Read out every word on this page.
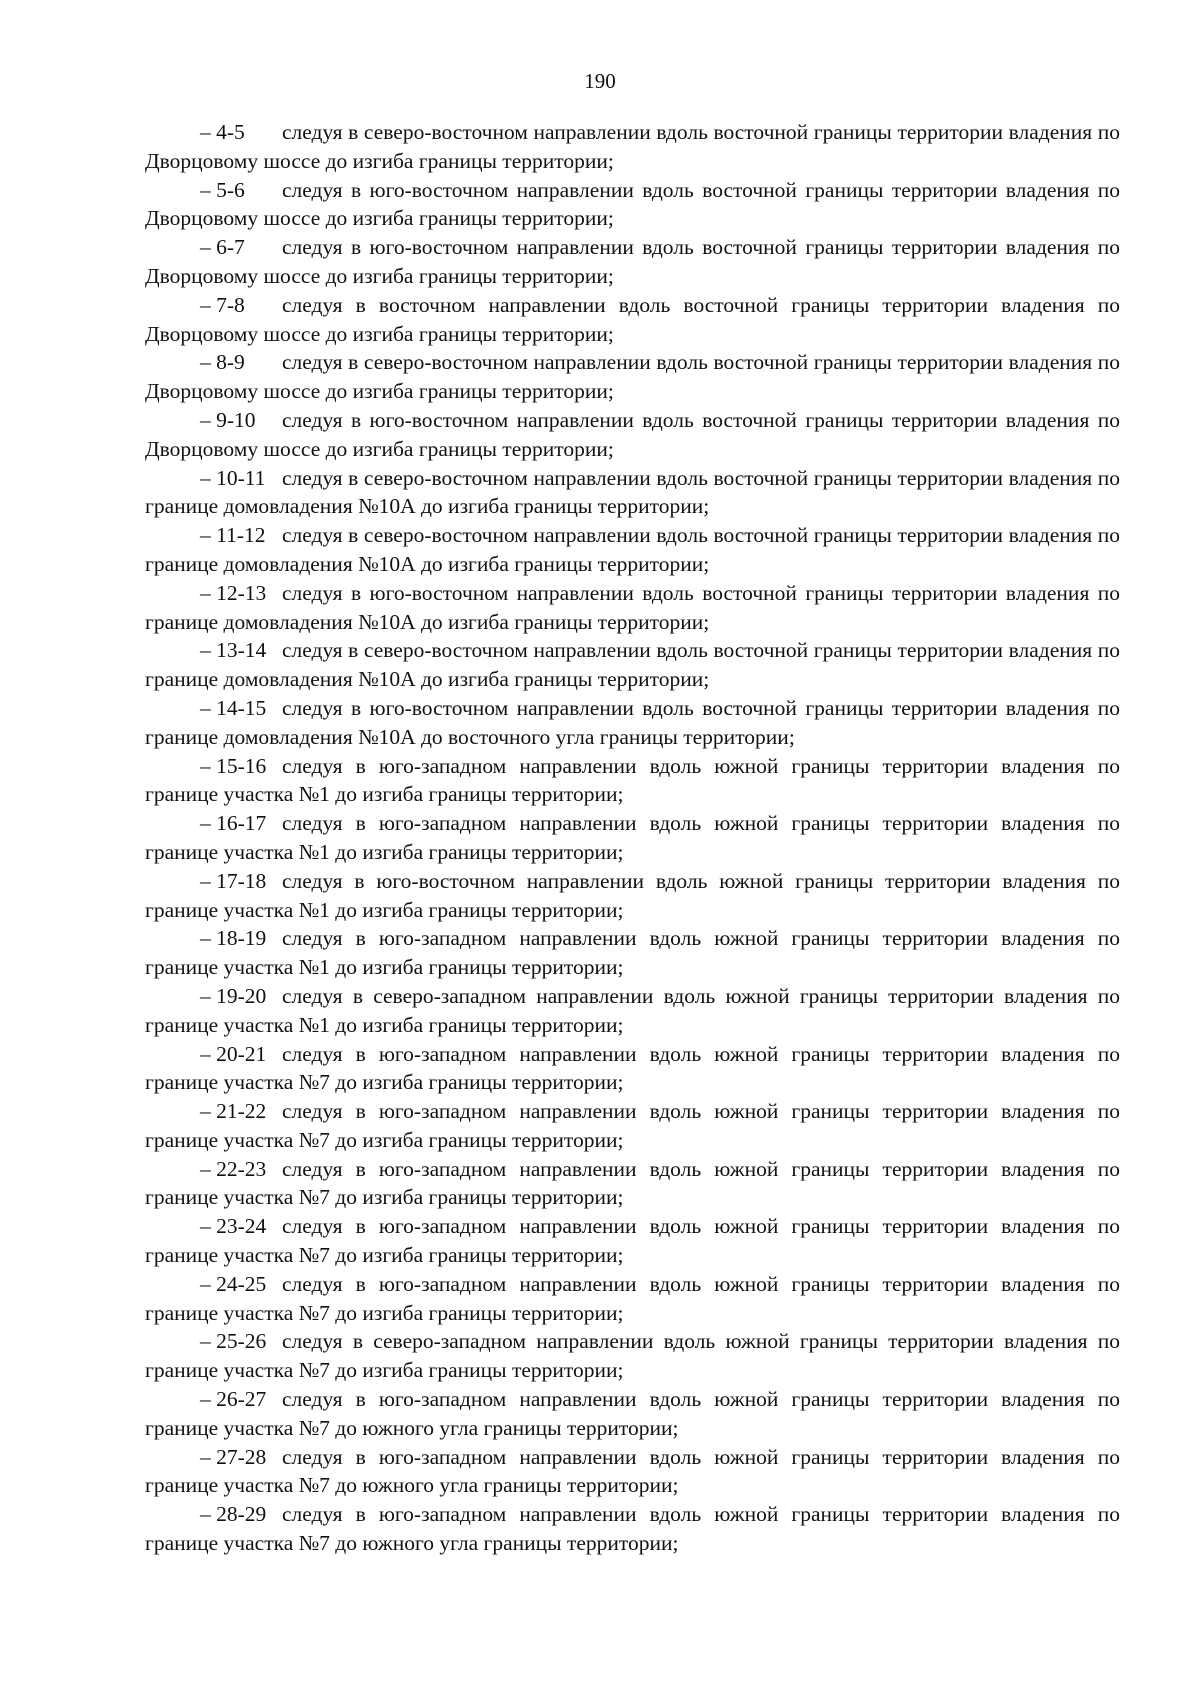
190
– 4-5 следуя в северо-восточном направлении вдоль восточной границы территории владения по Дворцовому шоссе до изгиба границы территории;
– 5-6 следуя в юго-восточном направлении вдоль восточной границы территории владения по Дворцовому шоссе до изгиба границы территории;
– 6-7 следуя в юго-восточном направлении вдоль восточной границы территории владения по Дворцовому шоссе до изгиба границы территории;
– 7-8 следуя в восточном направлении вдоль восточной границы территории владения по Дворцовому шоссе до изгиба границы территории;
– 8-9 следуя в северо-восточном направлении вдоль восточной границы территории владения по Дворцовому шоссе до изгиба границы территории;
– 9-10 следуя в юго-восточном направлении вдоль восточной границы территории владения по Дворцовому шоссе до изгиба границы территории;
– 10-11 следуя в северо-восточном направлении вдоль восточной границы территории владения по границе домовладения №10А до изгиба границы территории;
– 11-12 следуя в северо-восточном направлении вдоль восточной границы территории владения по границе домовладения №10А до изгиба границы территории;
– 12-13 следуя в юго-восточном направлении вдоль восточной границы территории владения по границе домовладения №10А до изгиба границы территории;
– 13-14 следуя в северо-восточном направлении вдоль восточной границы территории владения по границе домовладения №10А до изгиба границы территории;
– 14-15 следуя в юго-восточном направлении вдоль восточной границы территории владения по границе домовладения №10А до восточного угла границы территории;
– 15-16 следуя в юго-западном направлении вдоль южной границы территории владения по границе участка №1 до изгиба границы территории;
– 16-17 следуя в юго-западном направлении вдоль южной границы территории владения по границе участка №1 до изгиба границы территории;
– 17-18 следуя в юго-восточном направлении вдоль южной границы территории владения по границе участка №1 до изгиба границы территории;
– 18-19 следуя в юго-западном направлении вдоль южной границы территории владения по границе участка №1 до изгиба границы территории;
– 19-20 следуя в северо-западном направлении вдоль южной границы территории владения по границе участка №1 до изгиба границы территории;
– 20-21 следуя в юго-западном направлении вдоль южной границы территории владения по границе участка №7 до изгиба границы территории;
– 21-22 следуя в юго-западном направлении вдоль южной границы территории владения по границе участка №7 до изгиба границы территории;
– 22-23 следуя в юго-западном направлении вдоль южной границы территории владения по границе участка №7 до изгиба границы территории;
– 23-24 следуя в юго-западном направлении вдоль южной границы территории владения по границе участка №7 до изгиба границы территории;
– 24-25 следуя в юго-западном направлении вдоль южной границы территории владения по границе участка №7 до изгиба границы территории;
– 25-26 следуя в северо-западном направлении вдоль южной границы территории владения по границе участка №7 до изгиба границы территории;
– 26-27 следуя в юго-западном направлении вдоль южной границы территории владения по границе участка №7 до южного угла границы территории;
– 27-28 следуя в юго-западном направлении вдоль южной границы территории владения по границе участка №7 до южного угла границы территории;
– 28-29 следуя в юго-западном направлении вдоль южной границы территории владения по границе участка №7 до южного угла границы территории;
